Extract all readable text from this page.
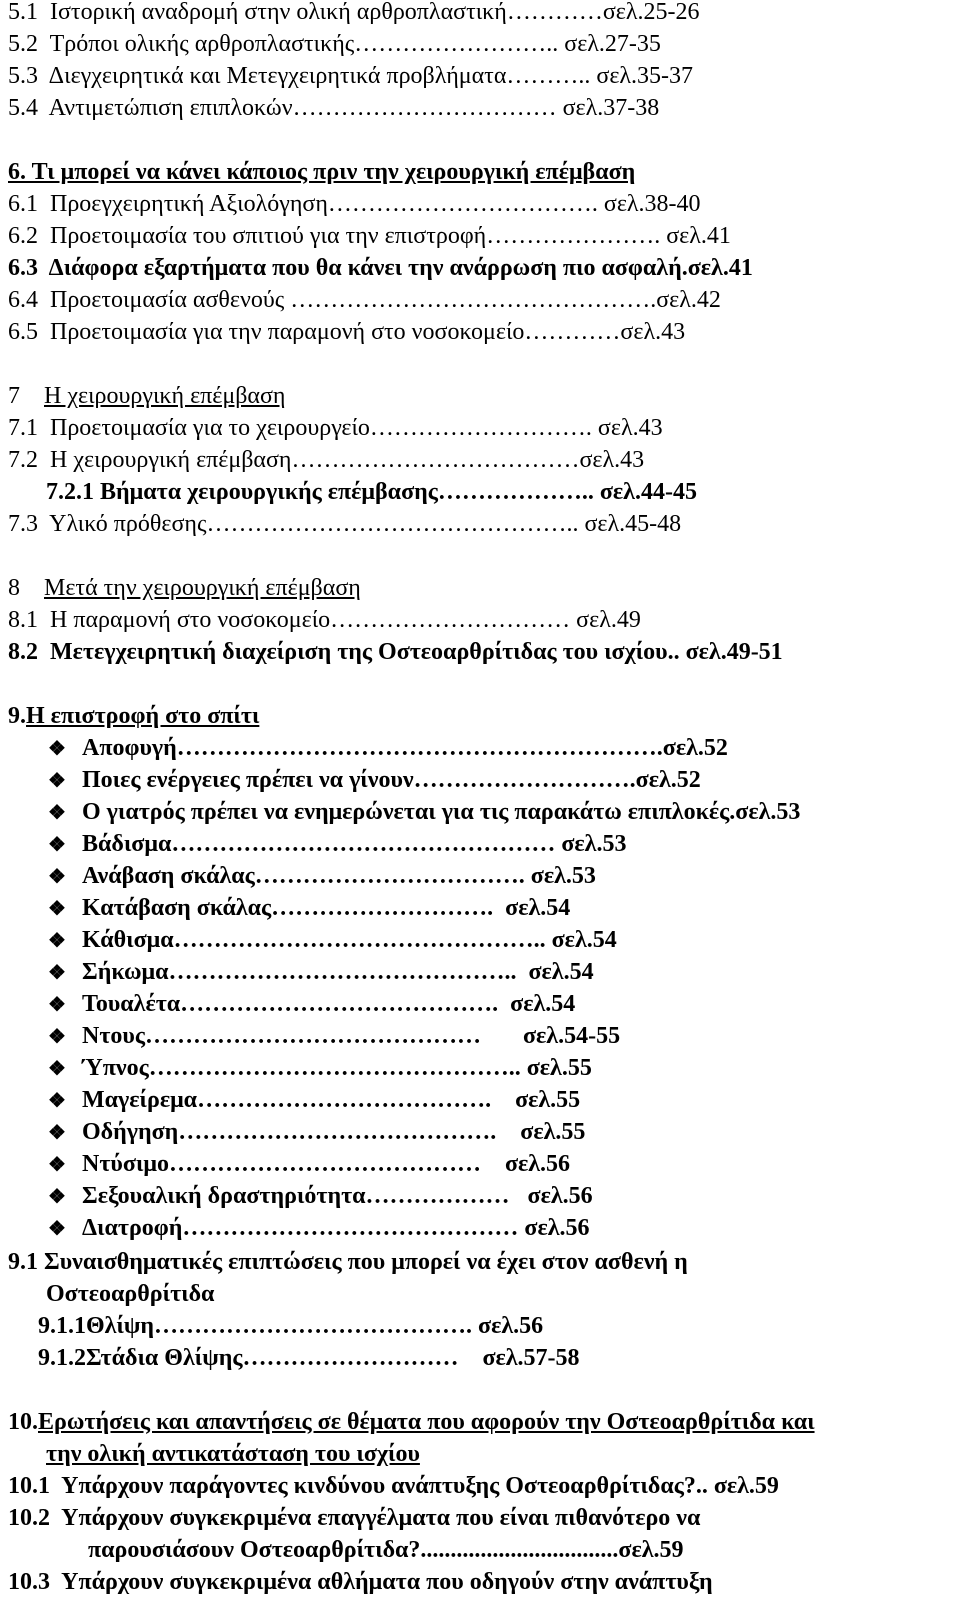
5.1  Ιστορική αναδρομή στην ολική αρθροπλαστική…………σελ.25-26

5.2  Τρόποι ολικής αρθροπλαστικής…………………….. σελ.27-35

5.3  Διεγχειρητικά και Μετεγχειρητικά προβλήματα……….. σελ.35-37

5.4  Αντιμετώπιση επιπλοκών…………………………… σελ.37-38

6. Τι μπορεί να κάνει κάποιος πριν την χειρουργική επέμβαση

6.1  Προεγχειρητική Αξιολόγηση……………………………. σελ.38-40

6.2  Προετοιμασία του σπιτιού για την επιστροφή…………………. σελ.41

6.3  Διάφορα εξαρτήματα που θα κάνει την ανάρρωση πιο ασφαλή.σελ.41

6.4  Προετοιμασία ασθενούς ……………………………………….σελ.42

6.5  Προετοιμασία για την παραμονή στο νοσοκομείο…………σελ.43

7    Η χειρουργική επέμβαση

7.1  Προετοιμασία για το χειρουργείο………………………. σελ.43

7.2  Η χειρουργική επέμβαση………………………………σελ.43

7.2.1 Βήματα χειρουργικής επέμβασης……………….. σελ.44-45

7.3  Υλικό πρόθεσης……………………………………….. σελ.45-48

8    Μετά την χειρουργική επέμβαση

8.1  Η παραμονή στο νοσοκομείο………………………… σελ.49

8.2  Μετεγχειρητική διαχείριση της Οστεοαρθρίτιδας του ισχίου.. σελ.49-51

9.Η επιστροφή στο σπίτι

❖ Αποφυγή…………………………………………………….σελ.52

❖ Ποιες ενέργειες πρέπει να γίνουν……………………….σελ.52

❖ Ο γιατρός πρέπει να ενημερώνεται για τις παρακάτω επιπλοκές.σελ.53

❖ Βάδισμα………………………………………… σελ.53

❖ Ανάβαση σκάλας……………………………. σελ.53

❖ Κατάβαση σκάλας……………………….  σελ.54

❖ Κάθισμα……………………………………….. σελ.54

❖ Σήκωμα……………………………………..  σελ.54

❖ Τουαλέτα………………………………….  σελ.54

❖ Ντους……………………………………       σελ.54-55

❖ Ύπνος……………………………………….. σελ.55

❖ Μαγείρεμα……………………………….    σελ.55

❖ Οδήγηση………………………………….    σελ.55

❖ Ντύσιμο…………………………………    σελ.56

❖ Σεξουαλική δραστηριότητα………………   σελ.56

❖ Διατροφή…………………………………… σελ.56

9.1 Συναισθηματικές επιπτώσεις που μπορεί να έχει στον ασθενή η

Οστεοαρθρίτιδα

9.1.1Θλίψη…………………………………. σελ.56

9.1.2Στάδια Θλίψης………………………    σελ.57-58

10.Ερωτήσεις και απαντήσεις σε θέματα που αφορούν την Οστεοαρθρίτιδα και

την ολική αντικατάσταση του ισχίου

10.1  Υπάρχουν παράγοντες κινδύνου ανάπτυξης Οστεοαρθρίτιδας?.. σελ.59

10.2  Υπάρχουν συγκεκριμένα επαγγέλματα που είναι πιθανότερο να

παρουσιάσουν Οστεοαρθρίτιδα?.................................σελ.59

10.3  Υπάρχουν συγκεκριμένα αθλήματα που οδηγούν στην ανάπτυξη
